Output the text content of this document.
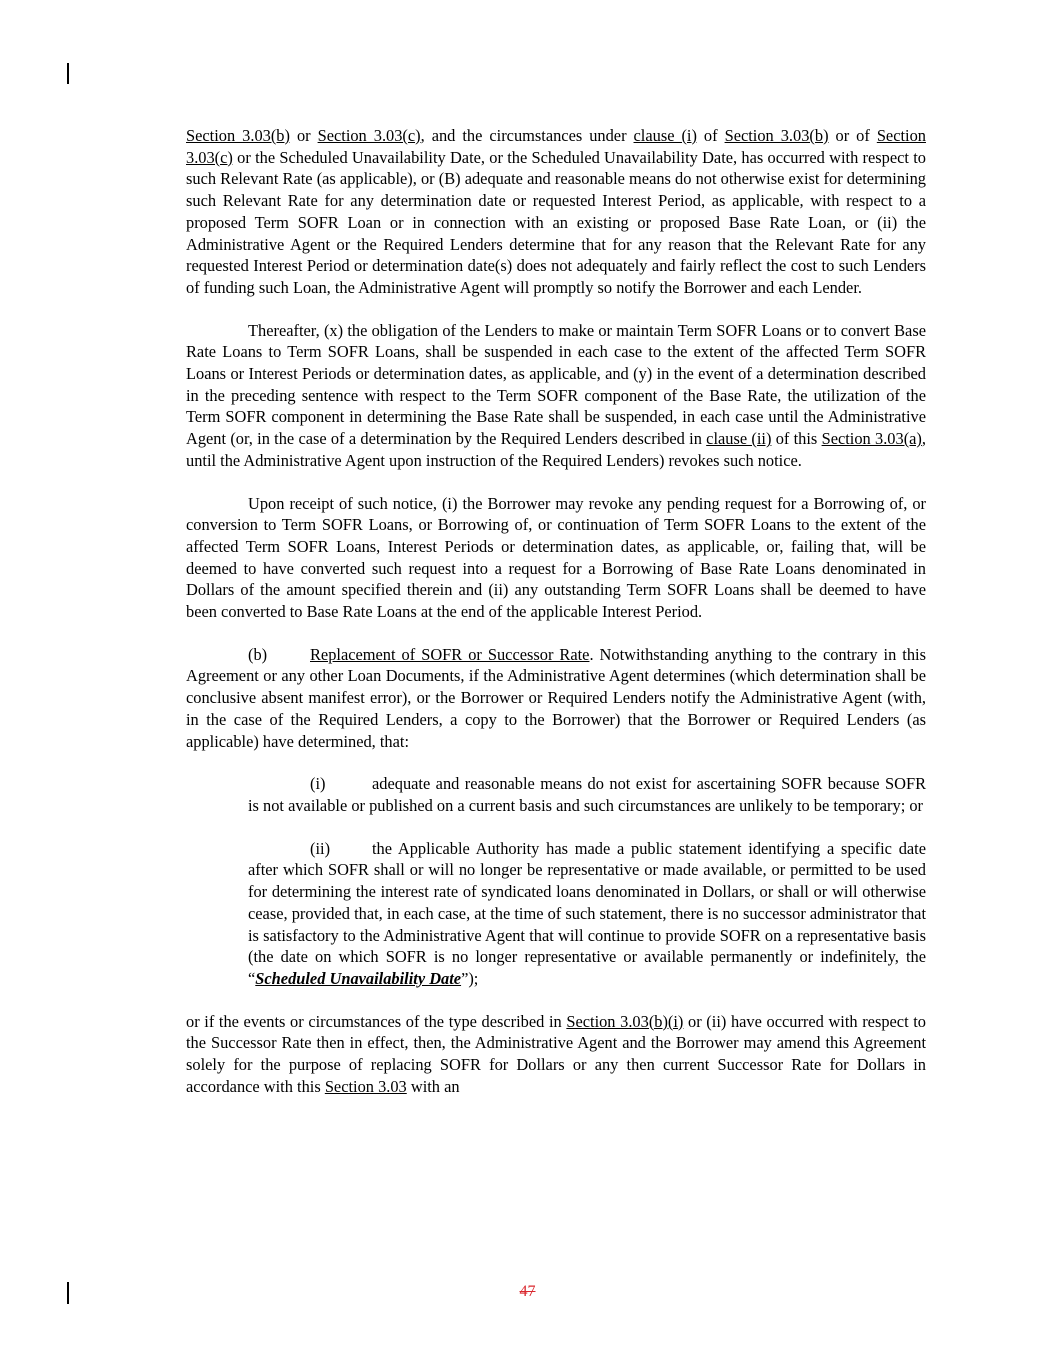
Section 3.03(b) or Section 3.03(c), and the circumstances under clause (i) of Section 3.03(b) or of Section 3.03(c) or the Scheduled Unavailability Date, or the Scheduled Unavailability Date, has occurred with respect to such Relevant Rate (as applicable), or (B) adequate and reasonable means do not otherwise exist for determining such Relevant Rate for any determination date or requested Interest Period, as applicable, with respect to a proposed Term SOFR Loan or in connection with an existing or proposed Base Rate Loan, or (ii) the Administrative Agent or the Required Lenders determine that for any reason that the Relevant Rate for any requested Interest Period or determination date(s) does not adequately and fairly reflect the cost to such Lenders of funding such Loan, the Administrative Agent will promptly so notify the Borrower and each Lender.

Thereafter, (x) the obligation of the Lenders to make or maintain Term SOFR Loans or to convert Base Rate Loans to Term SOFR Loans, shall be suspended in each case to the extent of the affected Term SOFR Loans or Interest Periods or determination dates, as applicable, and (y) in the event of a determination described in the preceding sentence with respect to the Term SOFR component of the Base Rate, the utilization of the Term SOFR component in determining the Base Rate shall be suspended, in each case until the Administrative Agent (or, in the case of a determination by the Required Lenders described in clause (ii) of this Section 3.03(a), until the Administrative Agent upon instruction of the Required Lenders) revokes such notice.

Upon receipt of such notice, (i) the Borrower may revoke any pending request for a Borrowing of, or conversion to Term SOFR Loans, or Borrowing of, or continuation of Term SOFR Loans to the extent of the affected Term SOFR Loans, Interest Periods or determination dates, as applicable, or, failing that, will be deemed to have converted such request into a request for a Borrowing of Base Rate Loans denominated in Dollars of the amount specified therein and (ii) any outstanding Term SOFR Loans shall be deemed to have been converted to Base Rate Loans at the end of the applicable Interest Period.

(b)	Replacement of SOFR or Successor Rate. Notwithstanding anything to the contrary in this Agreement or any other Loan Documents, if the Administrative Agent determines (which determination shall be conclusive absent manifest error), or the Borrower or Required Lenders notify the Administrative Agent (with, in the case of the Required Lenders, a copy to the Borrower) that the Borrower or Required Lenders (as applicable) have determined, that:

(i)	adequate and reasonable means do not exist for ascertaining SOFR because SOFR is not available or published on a current basis and such circumstances are unlikely to be temporary; or

(ii)	the Applicable Authority has made a public statement identifying a specific date after which SOFR shall or will no longer be representative or made available, or permitted to be used for determining the interest rate of syndicated loans denominated in Dollars, or shall or will otherwise cease, provided that, in each case, at the time of such statement, there is no successor administrator that is satisfactory to the Administrative Agent that will continue to provide SOFR on a representative basis (the date on which SOFR is no longer representative or available permanently or indefinitely, the “Scheduled Unavailability Date”);

or if the events or circumstances of the type described in Section 3.03(b)(i) or (ii) have occurred with respect to the Successor Rate then in effect, then, the Administrative Agent and the Borrower may amend this Agreement solely for the purpose of replacing SOFR for Dollars or any then current Successor Rate for Dollars in accordance with this Section 3.03 with an

47
